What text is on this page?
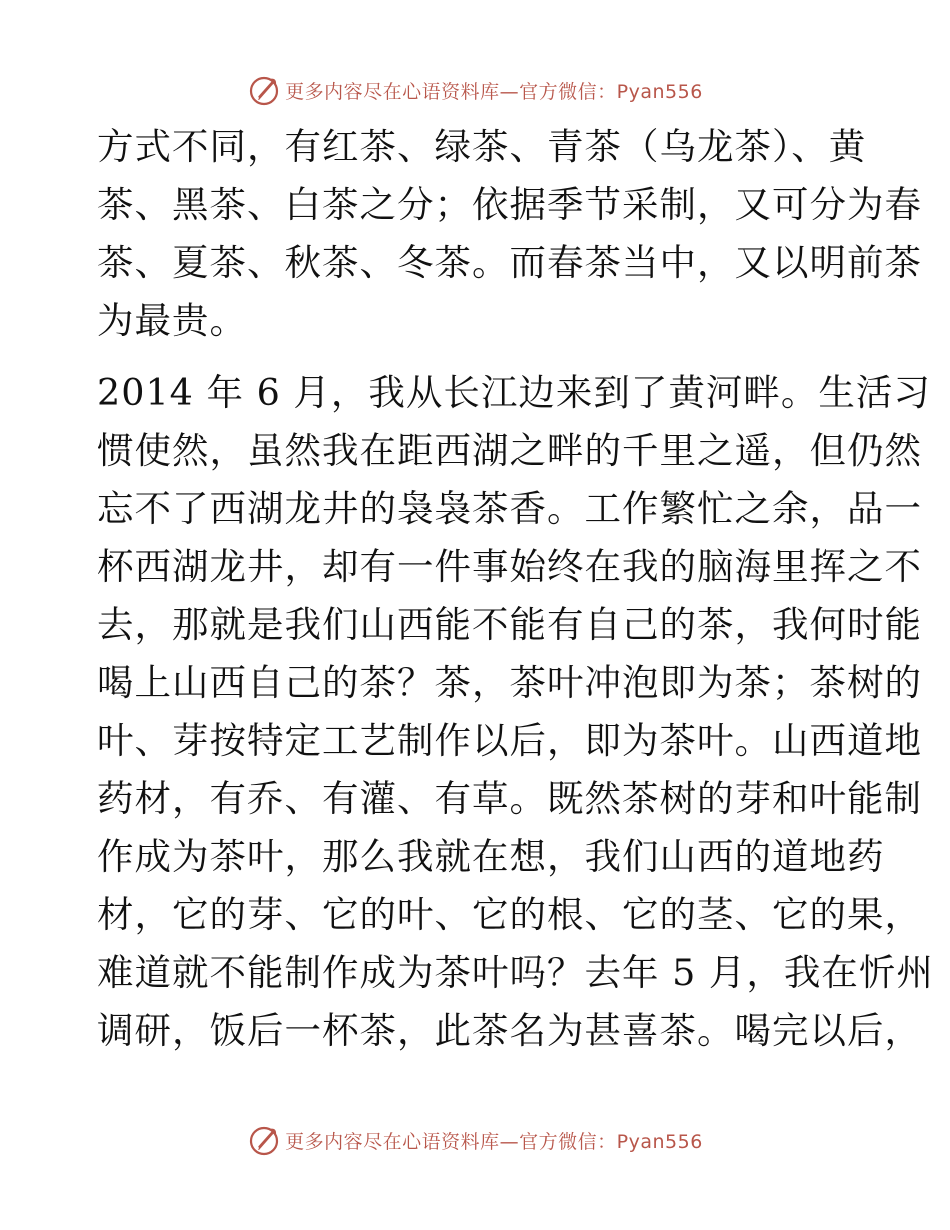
更多内容尽在心语资料库—官方微信：Pyan556

方式不同，有红茶、绿茶、青茶（乌龙茶）、黄
茶、黑茶、白茶之分；依据季节采制，又可分为春
茶、夏茶、秋茶、冬茶。而春茶当中，又以明前茶
为最贵。

2014 年 6 月，我从长江边来到了黄河畔。生活习
惯使然，虽然我在距西湖之畔的千里之遥，但仍然
忘不了西湖龙井的袅袅茶香。工作繁忙之余，品一
杯西湖龙井，却有一件事始终在我的脑海里挥之不
去，那就是我们山西能不能有自己的茶，我何时能
喝上山西自己的茶？茶，茶叶冲泡即为茶；茶树的
叶、芽按特定工艺制作以后，即为茶叶。山西道地
药材，有乔、有灌、有草。既然茶树的芽和叶能制
作成为茶叶，那么我就在想，我们山西的道地药
材，它的芽、它的叶、它的根、它的茎、它的果，
难道就不能制作成为茶叶吗？去年 5 月，我在忻州
调研，饭后一杯茶，此茶名为甚喜茶。喝完以后，

更多内容尽在心语资料库—官方微信：Pyan556
